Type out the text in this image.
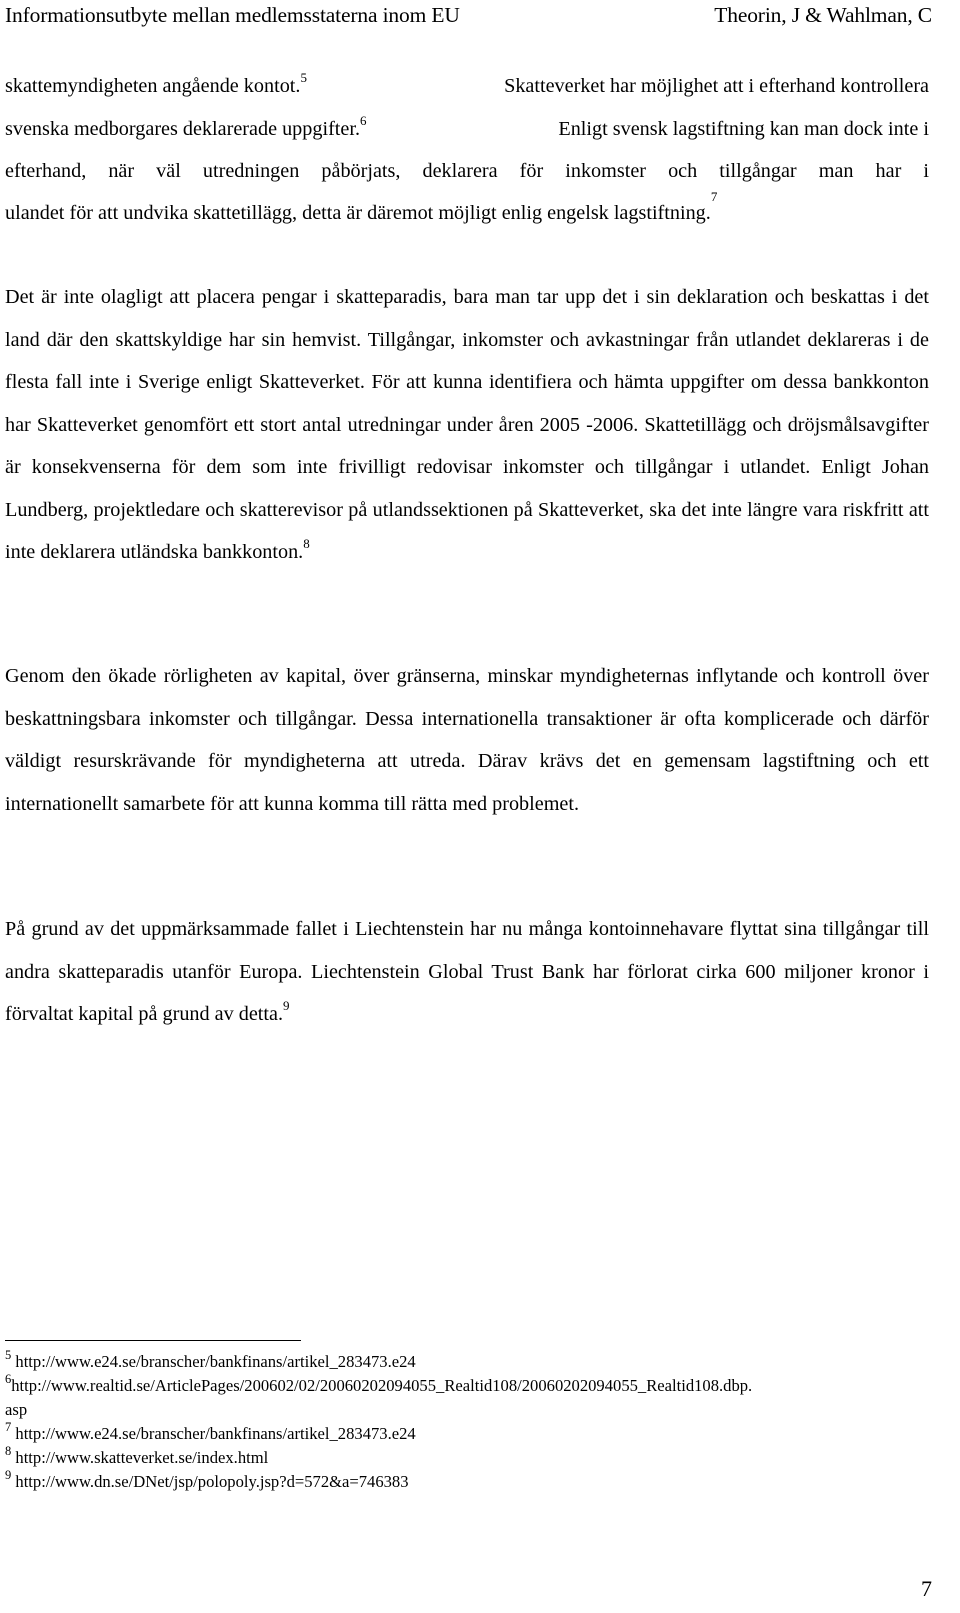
Informationsutbyte mellan medlemsstaterna inom EU	Theorin, J & Wahlman, C
skattemyndigheten angående kontot.$^5$	Skatteverket har möjlighet att i efterhand kontrollera
svenska medborgares deklarerade uppgifter.$^6$	Enligt svensk lagstiftning kan man dock inte i

efterhand, när väl utredningen påbörjats, deklarera för inkomster och tillgångar man har i

ulandet för att undvika skattetillägg, detta är däremot möjligt enlig engelsk lagstiftning.
$^7$

Det är inte olagligt att placera pengar i skatteparadis, bara man tar upp det i sin deklaration och beskattas i det land där den skattskyldige har sin hemvist. Tillgångar, inkomster och avkastningar från utlandet deklareras i de flesta fall inte i Sverige enligt Skatteverket. För att kunna identifiera och hämta uppgifter om dessa bankkonton har Skatteverket genomfört ett stort antal utredningar under åren 2005 -2006. Skattetillägg och dröjsmålsavgifter är konsekvenserna för dem som inte frivilligt redovisar inkomster och tillgångar i utlandet. Enligt Johan Lundberg, projektledare och skatterevisor på utlandssektionen på Skatteverket, ska det inte längre vara riskfritt att inte deklarera utländska bankkonton.$^8$

Genom den ökade rörligheten av kapital, över gränserna, minskar myndigheternas inflytande och kontroll över beskattningsbara inkomster och tillgångar. Dessa internationella transaktioner är ofta komplicerade och därför väldigt resurskrävande för myndigheterna att utreda. Därav krävs det en gemensam lagstiftning och ett internationellt samarbete för att kunna komma till rätta med problemet.

På grund av det uppmärksammade fallet i Liechtenstein har nu många kontoinnehavare flyttat sina tillgångar till andra skatteparadis utanför Europa. Liechtenstein Global Trust Bank har förlorat cirka 600 miljoner kronor i förvaltat kapital på grund av detta.$^9$

$^5$ http://www.e24.se/branscher/bankfinans/artikel_283473.e24
$^6$http://www.realtid.se/ArticlePages/200602/02/20060202094055_Realtid108/20060202094055_Realtid108.dbp.
asp
$^7$ http://www.e24.se/branscher/bankfinans/artikel_283473.e24
$^8$ http://www.skatteverket.se/index.html
$^9$ http://www.dn.se/DNet/jsp/polopoly.jsp?d=572&a=746383
7
